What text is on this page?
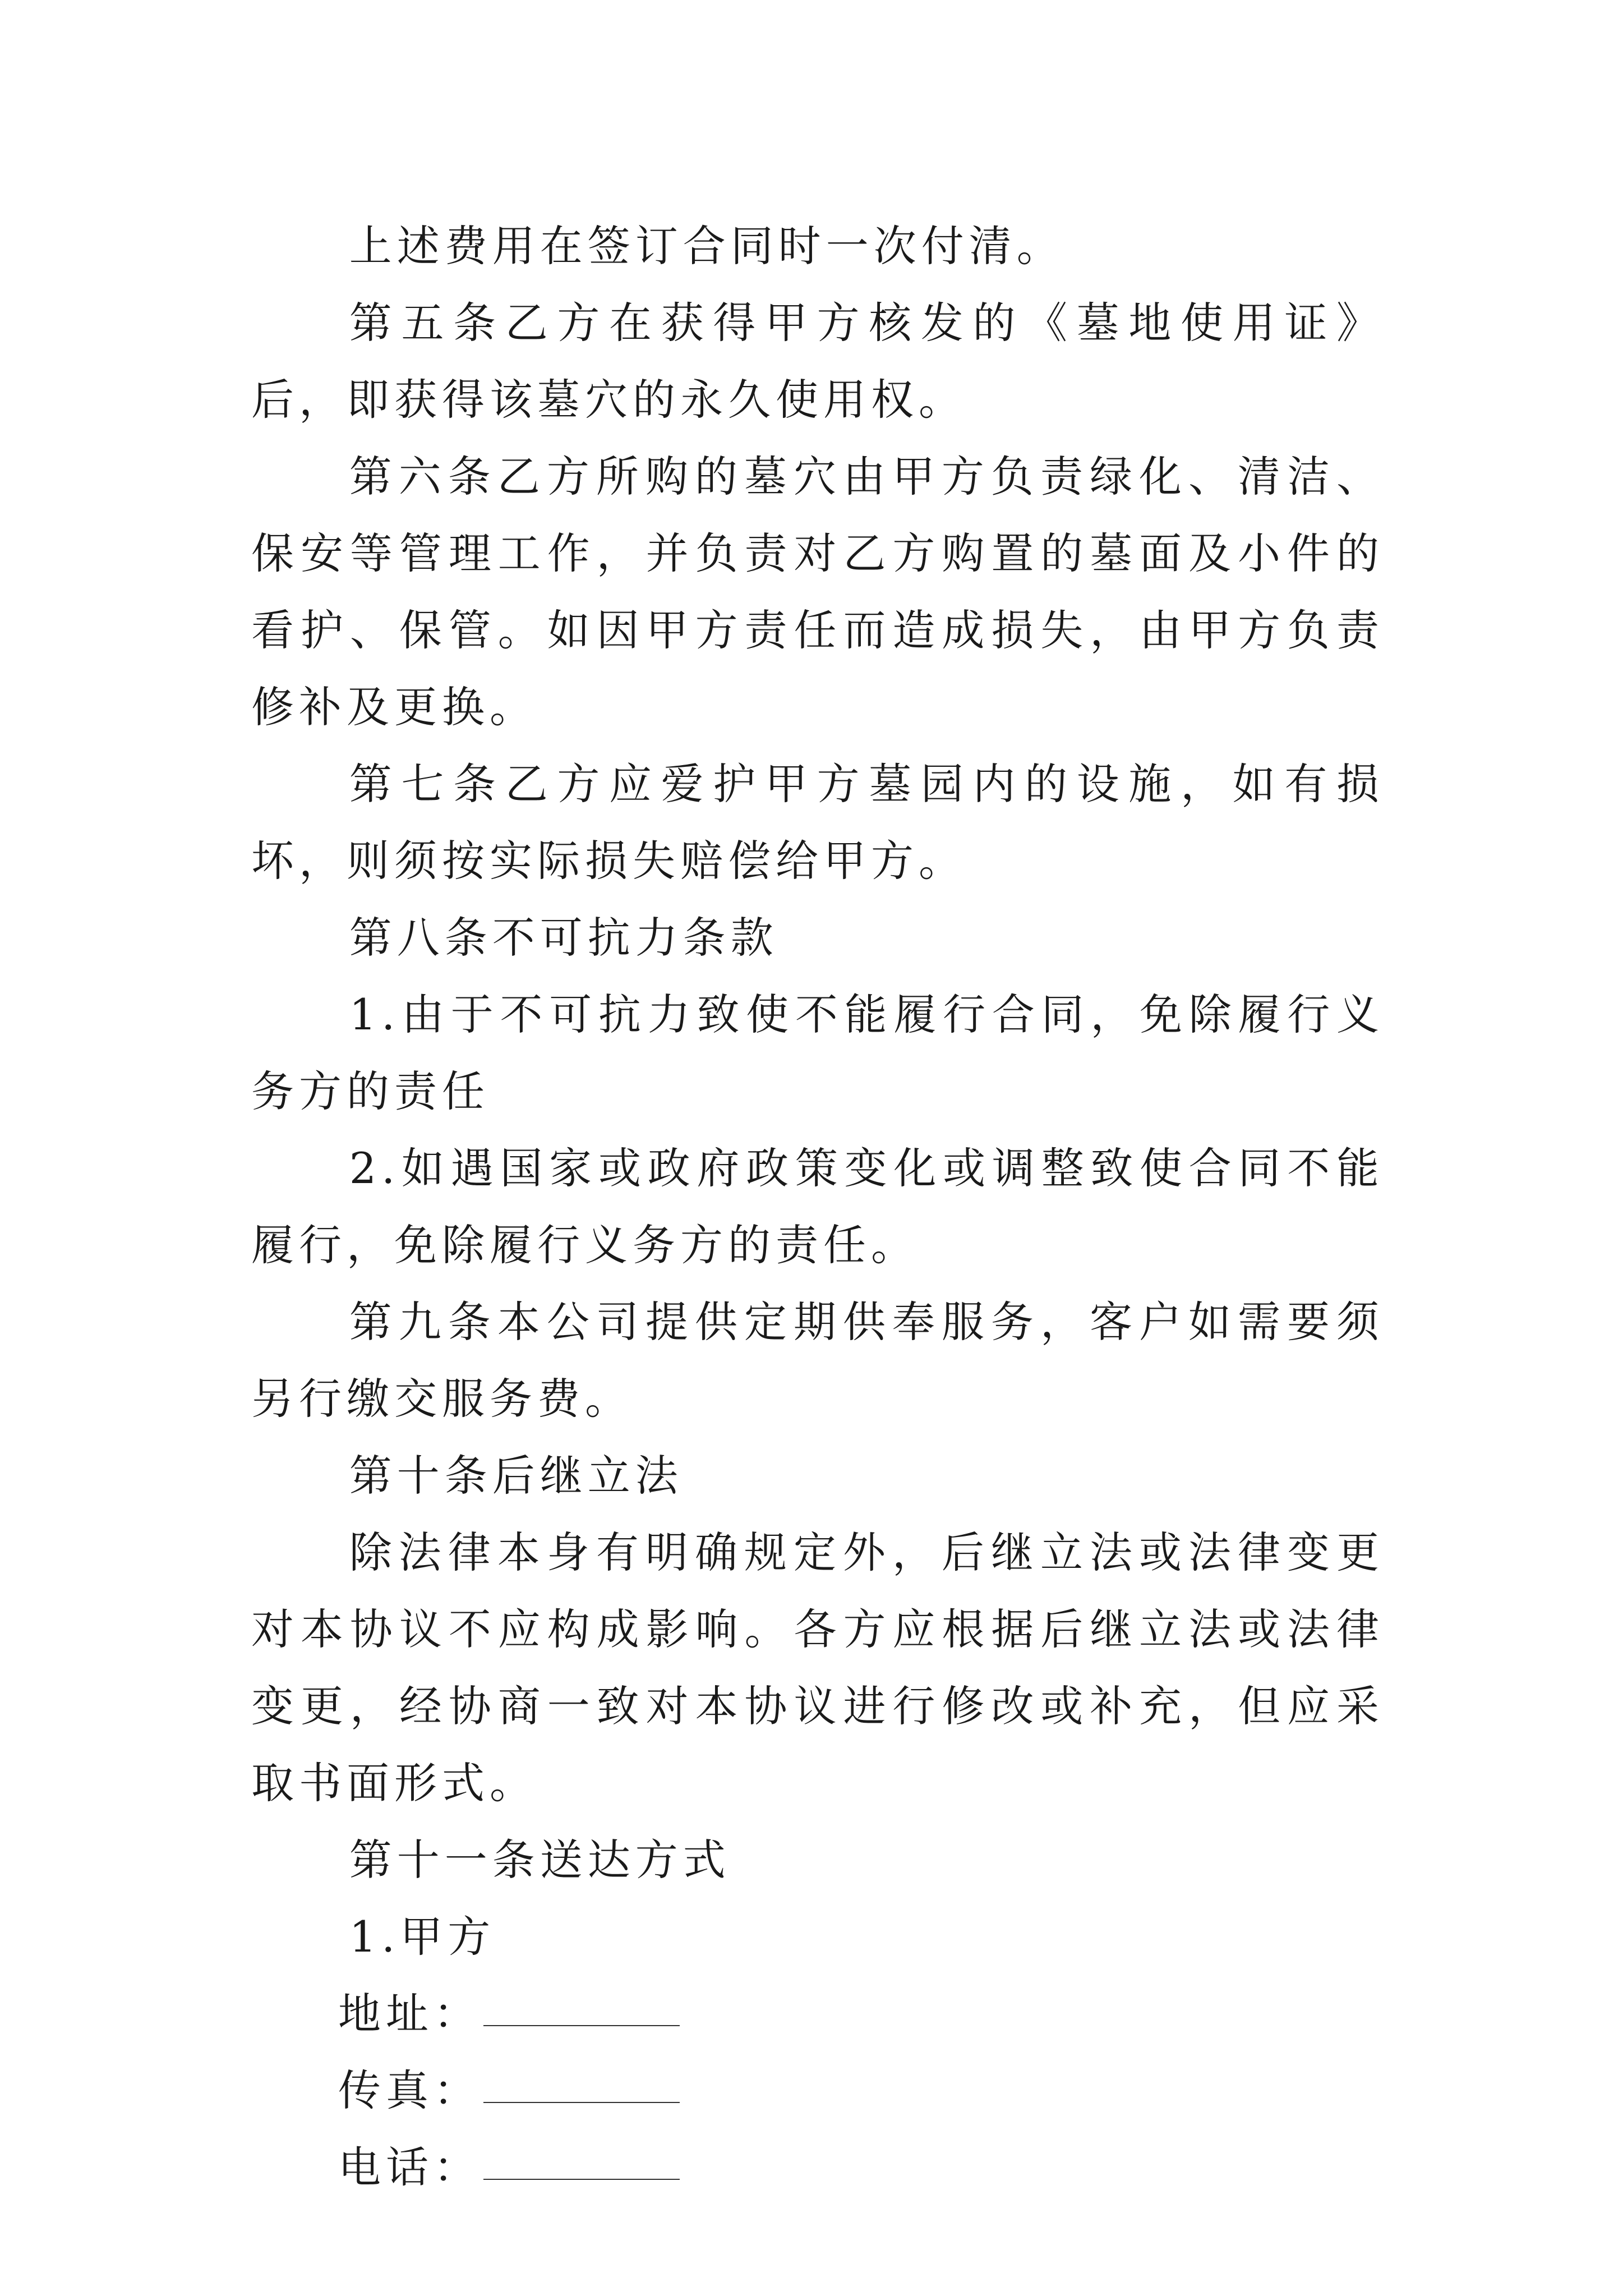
上述费用在签订合同时一次付清。

第五条乙方在获得甲方核发的《墓地使用证》后，即获得该墓穴的永久使用权。

第六条乙方所购的墓穴由甲方负责绿化、清洁、保安等管理工作，并负责对乙方购置的墓面及小件的看护、保管。如因甲方责任而造成损失，由甲方负责修补及更换。

第七条乙方应爱护甲方墓园内的设施，如有损坏，则须按实际损失赔偿给甲方。

第八条不可抗力条款

1.由于不可抗力致使不能履行合同，免除履行义务方的责任

2.如遇国家或政府政策变化或调整致使合同不能履行，免除履行义务方的责任。

第九条本公司提供定期供奉服务，客户如需要须另行缴交服务费。

第十条后继立法

除法律本身有明确规定外，后继立法或法律变更对本协议不应构成影响。各方应根据后继立法或法律变更，经协商一致对本协议进行修改或补充，但应采取书面形式。

第十一条送达方式

1.甲方

地址：
传真：
电话：
